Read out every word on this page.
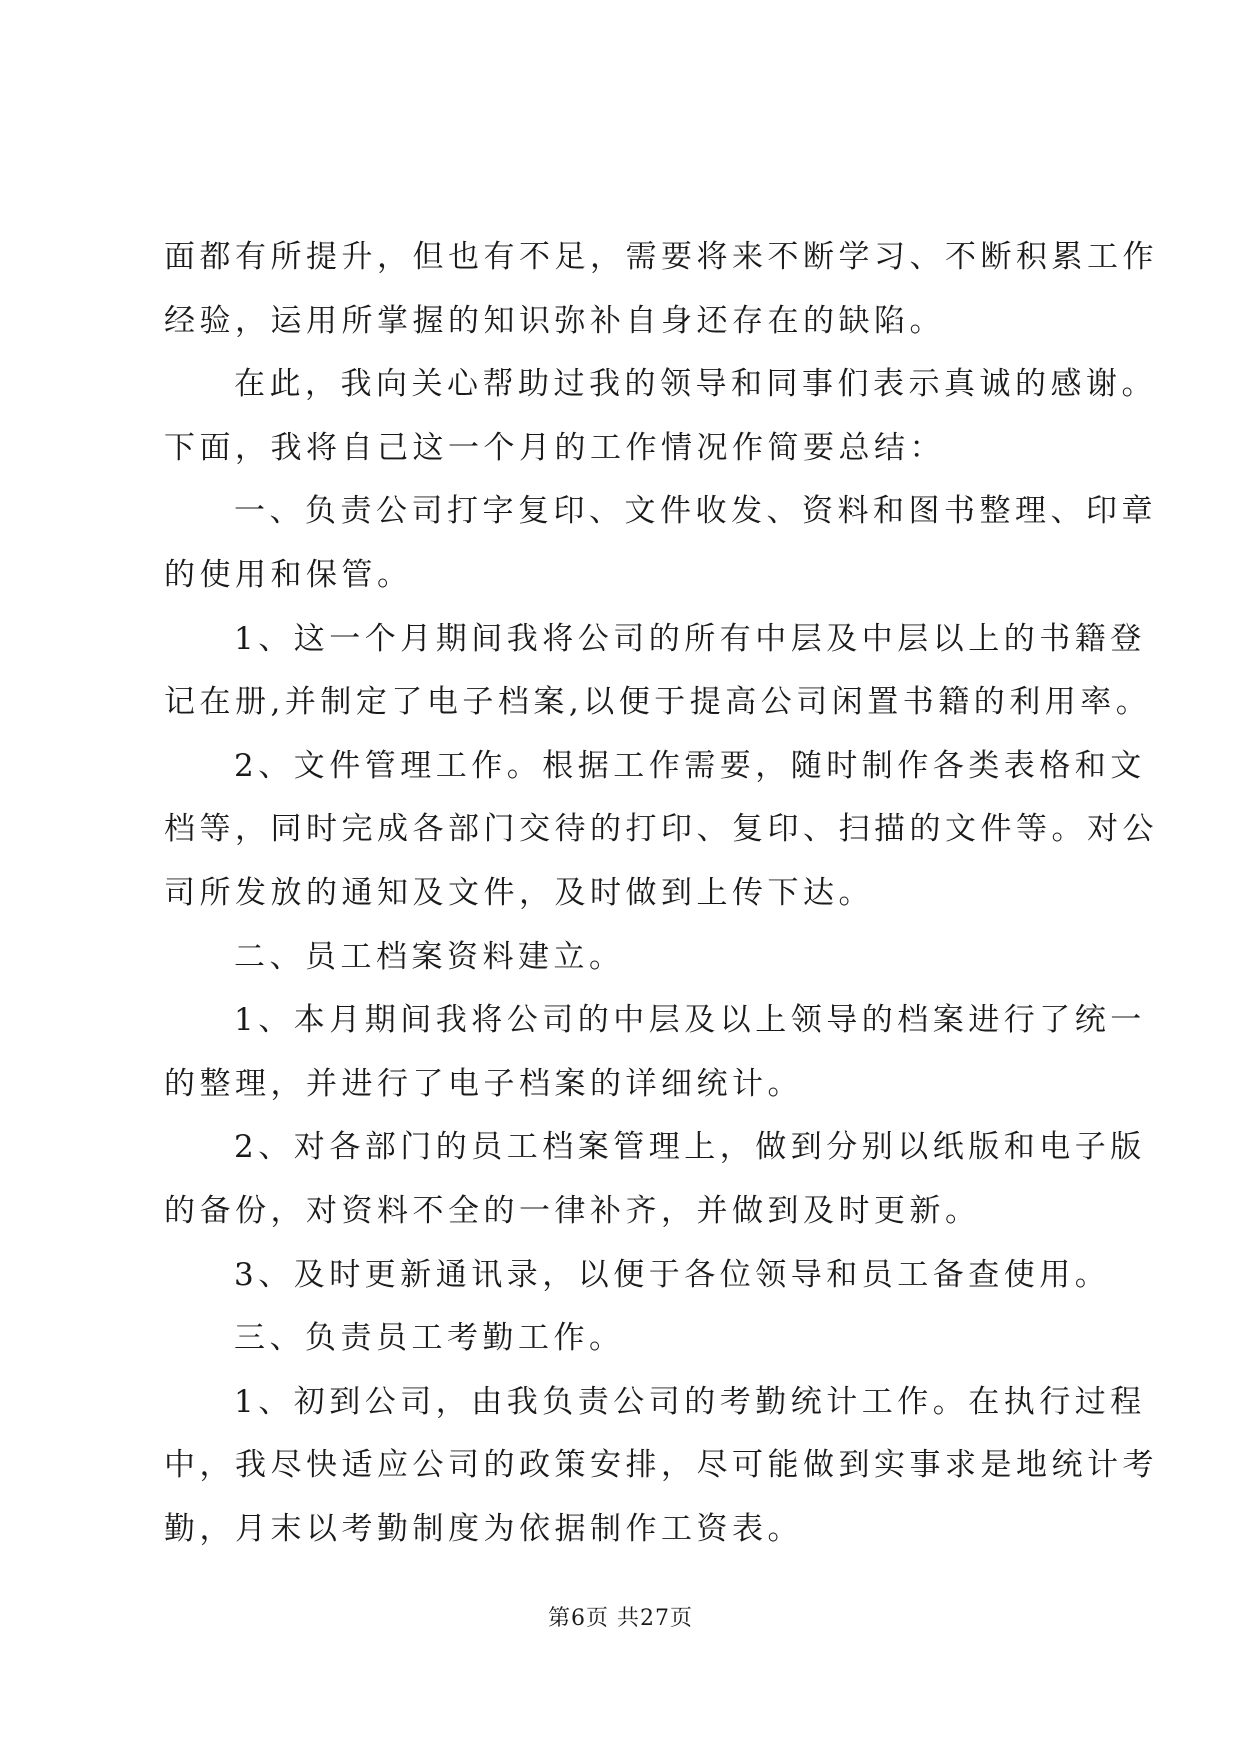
面都有所提升，但也有不足，需要将来不断学习、不断积累工作
经验，运用所掌握的知识弥补自身还存在的缺陷。
在此，我向关心帮助过我的领导和同事们表示真诚的感谢。
下面，我将自己这一个月的工作情况作简要总结：
一、负责公司打字复印、文件收发、资料和图书整理、印章
的使用和保管。
1、这一个月期间我将公司的所有中层及中层以上的书籍登
记在册,并制定了电子档案,以便于提高公司闲置书籍的利用率。
2、文件管理工作。根据工作需要，随时制作各类表格和文
档等，同时完成各部门交待的打印、复印、扫描的文件等。对公
司所发放的通知及文件，及时做到上传下达。
二、员工档案资料建立。
1、本月期间我将公司的中层及以上领导的档案进行了统一
的整理，并进行了电子档案的详细统计。
2、对各部门的员工档案管理上，做到分别以纸版和电子版
的备份，对资料不全的一律补齐，并做到及时更新。
3、及时更新通讯录，以便于各位领导和员工备查使用。
三、负责员工考勤工作。
1、初到公司，由我负责公司的考勤统计工作。在执行过程
中，我尽快适应公司的政策安排，尽可能做到实事求是地统计考
勤，月末以考勤制度为依据制作工资表。
第6页 共27页
